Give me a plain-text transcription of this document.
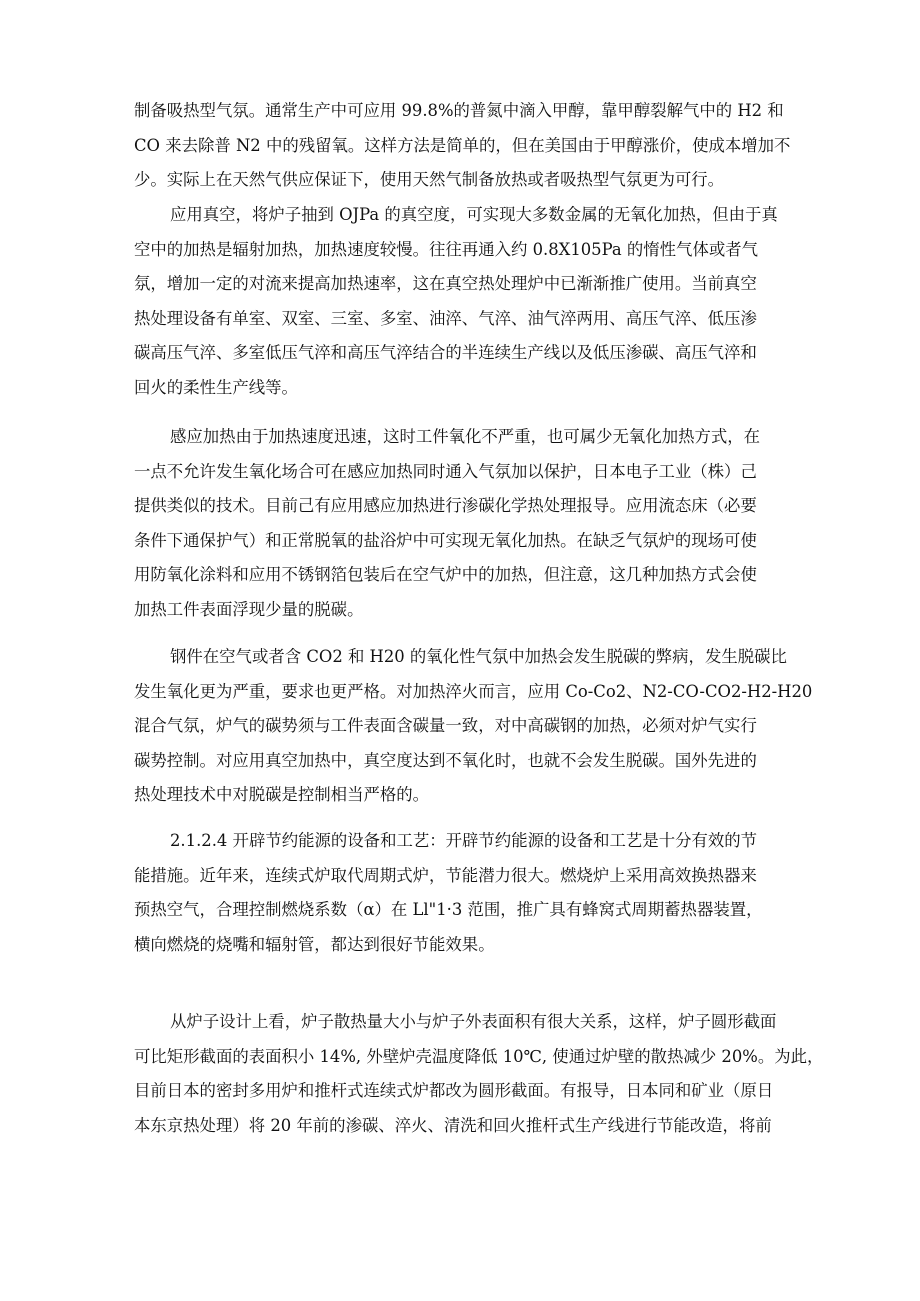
制备吸热型气氛。通常生产中可应用 99.8%的普氮中滴入甲醇，靠甲醇裂解气中的 H2 和
CO 来去除普 N2 中的残留氧。这样方法是简单的，但在美国由于甲醇涨价，使成本增加不
少。实际上在天然气供应保证下，使用天然气制备放热或者吸热型气氛更为可行。
应用真空，将炉子抽到 OJPa 的真空度，可实现大多数金属的无氧化加热，但由于真
空中的加热是辐射加热，加热速度较慢。往往再通入约 0.8X105Pa 的惰性气体或者气
氛，增加一定的对流来提高加热速率，这在真空热处理炉中已渐渐推广使用。当前真空
热处理设备有单室、双室、三室、多室、油淬、气淬、油气淬两用、高压气淬、低压渗
碳高压气淬、多室低压气淬和高压气淬结合的半连续生产线以及低压渗碳、高压气淬和
回火的柔性生产线等。
感应加热由于加热速度迅速，这时工件氧化不严重，也可属少无氧化加热方式，在
一点不允许发生氧化场合可在感应加热同时通入气氛加以保护，日本电子工业（株）己
提供类似的技术。目前己有应用感应加热进行渗碳化学热处理报导。应用流态床（必要
条件下通保护气）和正常脱氧的盐浴炉中可实现无氧化加热。在缺乏气氛炉的现场可使
用防氧化涂料和应用不锈钢箔包装后在空气炉中的加热，但注意，这几种加热方式会使
加热工件表面浮现少量的脱碳。
钢件在空气或者含 CO2 和 H20 的氧化性气氛中加热会发生脱碳的弊病，发生脱碳比
发生氧化更为严重，要求也更严格。对加热淬火而言，应用 Co-Co2、N2-CO-CO2-H2-H20
混合气氛，炉气的碳势须与工件表面含碳量一致，对中高碳钢的加热，必须对炉气实行
碳势控制。对应用真空加热中，真空度达到不氧化时，也就不会发生脱碳。国外先进的
热处理技术中对脱碳是控制相当严格的。
2.1.2.4 开辟节约能源的设备和工艺：开辟节约能源的设备和工艺是十分有效的节
能措施。近年来，连续式炉取代周期式炉，节能潜力很大。燃烧炉上采用高效换热器来
预热空气，合理控制燃烧系数（α）在 Ll"1·3 范围，推广具有蜂窝式周期蓄热器装置，
横向燃烧的烧嘴和辐射管，都达到很好节能效果。
从炉子设计上看，炉子散热量大小与炉子外表面积有很大关系，这样，炉子圆形截面
可比矩形截面的表面积小 14%, 外壁炉壳温度降低 10℃, 使通过炉壁的散热减少 20%。为此，
目前日本的密封多用炉和推杆式连续式炉都改为圆形截面。有报导，日本同和矿业（原日
本东京热处理）将 20 年前的渗碳、淬火、清洗和回火推杆式生产线进行节能改造，将前
